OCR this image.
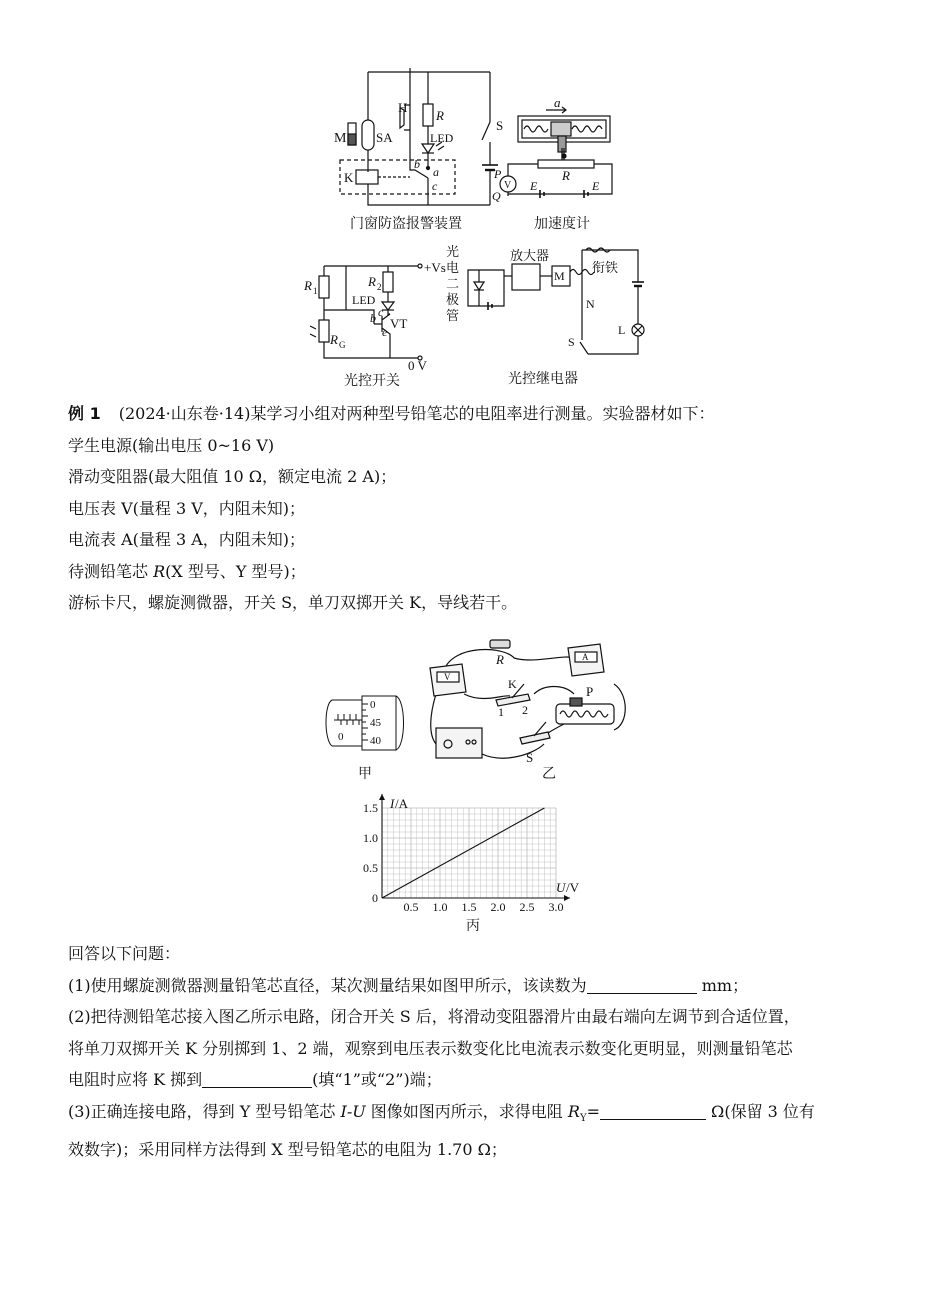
M SA
H
R
LED
S
K	a
b
c
门窗防盗报警装置
a
R
P
Q
V E	E
加速度计
R 1
R 2
LED
+Vs
b c
e
VT
R G
0 V
光控开关
光
电
二
极
管
放大器
衔铁
M
N
S
L
光控继电器
例 1 (2024·山东卷·14)某学习小组对两种型号铅笔芯的电阻率进行测量。实验器材如下：
学生电源(输出电压 0~16 V)
滑动变阻器(最大阻值 10 Ω，额定电流 2 A)；
电压表 V(量程 3 V，内阻未知)；
电流表 A(量程 3 A，内阻未知)；
待测铅笔芯 R(X 型号、Y 型号)；
游标卡尺，螺旋测微器，开关 S，单刀双掷开关 K，导线若干。
0
45
40
0
甲
V
A
R
K
1 2
P
S
乙
0.5 1.0 1.5 2.0 2.5 3.0
0.5
1.0
1.5
0
I /A
U /V
丙
回答以下问题：
(1)使用螺旋测微器测量铅笔芯直径，某次测量结果如图甲所示，该读数为	mm；
(2)把待测铅笔芯接入图乙所示电路，闭合开关 S 后，将滑动变阻器滑片由最右端向左调节到合适位置，
将单刀双掷开关 K 分别掷到 1、2 端，观察到电压表示数变化比电流表示数变化更明显，则测量铅笔芯
电阻时应将 K 掷到	(填“1”或“2”)端；
(3)正确连接电路，得到 Y 型号铅笔芯 I-U 图像如图丙所示，求得电阻 $R_Y=$	Ω(保留 3 位有
效数字)；采用同样方法得到 X 型号铅笔芯的电阻为 1.70 Ω；
